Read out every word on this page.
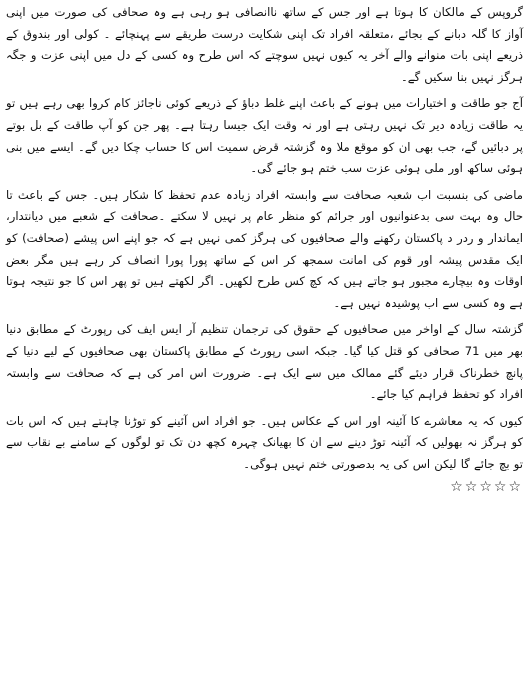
گروپس کے مالکان کا ہوتا ہے اور جس کے ساتھ ناانصافی ہو رہی ہے وہ صحافی کی صورت میں اپنی آواز کا گلہ دبانے کے بجائے ،متعلقہ افراد تک اپنی شکایت درست طریقے سے پہنچائے ۔ کولی اور بندوق کے ذریعے اپنی بات منوانے والے آخر یہ کیوں نہیں سوچتے کہ اس طرح وہ کسی کے دل میں اپنی عزت و جگہ ہرگز نہیں بنا سکیں گے۔

آج جو طاقت و اختیارات میں ہونے کے باعث اپنے غلط دباؤ کے ذریعے کوئی ناجائز کام کروا بھی رہے ہیں تو یہ طاقت زیادہ دیر تک نہیں رہتی ہے اور نہ وقت ایک جیسا رہتا ہے۔ پھر جن کو آپ طاقت کے بل بوتے پر دبائیں گے، جب بھی ان کو موقع ملا وہ گزشتہ قرض سمیت اس کا حساب چکا دیں گے۔ ایسے میں بنی ہوئی ساکھ اور ملی ہوئی عزت سب ختم ہو جائے گی۔

ماضی کی بنسبت اب شعبہ صحافت سے وابستہ افراد زیادہ عدم تحفظ کا شکار ہیں۔ جس کے باعث تا حال وہ بہت سی بدعنوانیوں اور جرائم کو منظر عام پر نہیں لا سکتے ۔صحافت کے شعبے میں دیانتدار، ایماندار و ردر د پاکستان رکھنے والے صحافیوں کی ہرگز کمی نہیں ہے کہ جو اپنے اس پیشے (صحافت) کو ایک مقدس پیشہ اور قوم کی امانت سمجھ کر اس کے ساتھ پورا پورا انصاف کر رہے ہیں مگر بعض اوقات وہ بیچارے مجبور ہو جاتے ہیں کہ کچ کس طرح لکھیں۔ اگر لکھتے ہیں تو پھر اس کا جو نتیجہ ہوتا ہے وہ کسی سے اب پوشیدہ نہیں ہے۔

گزشتہ سال کے اواخر میں صحافیوں کے حقوق کی ترجمان تنظیم آر ایس ایف کی رپورٹ کے مطابق دنیا بھر میں 71 صحافی کو قتل کیا گیا۔ جبکہ اسی رپورٹ کے مطابق پاکستان بھی صحافیوں کے لیے دنیا کے پانچ خطرناک قرار دیئے گئے ممالک میں سے ایک ہے۔ ضرورت اس امر کی ہے کہ صحافت سے وابستہ افراد کو تحفظ فراہم کیا جائے۔

کیوں کہ یہ معاشرے کا آئینہ اور اس کے عکاس ہیں۔ جو افراد اس آئینے کو توڑنا چاہتے ہیں کہ اس بات کو ہرگز نہ بھولیں کہ آئینہ توڑ دینے سے ان کا بھیانک چہرہ کچھ دن تک تو لوگوں کے سامنے بے نقاب سے تو بچ جائے گا لیکن اس کی یہ بدصورتی ختم نہیں ہوگی۔

☆☆☆☆☆
